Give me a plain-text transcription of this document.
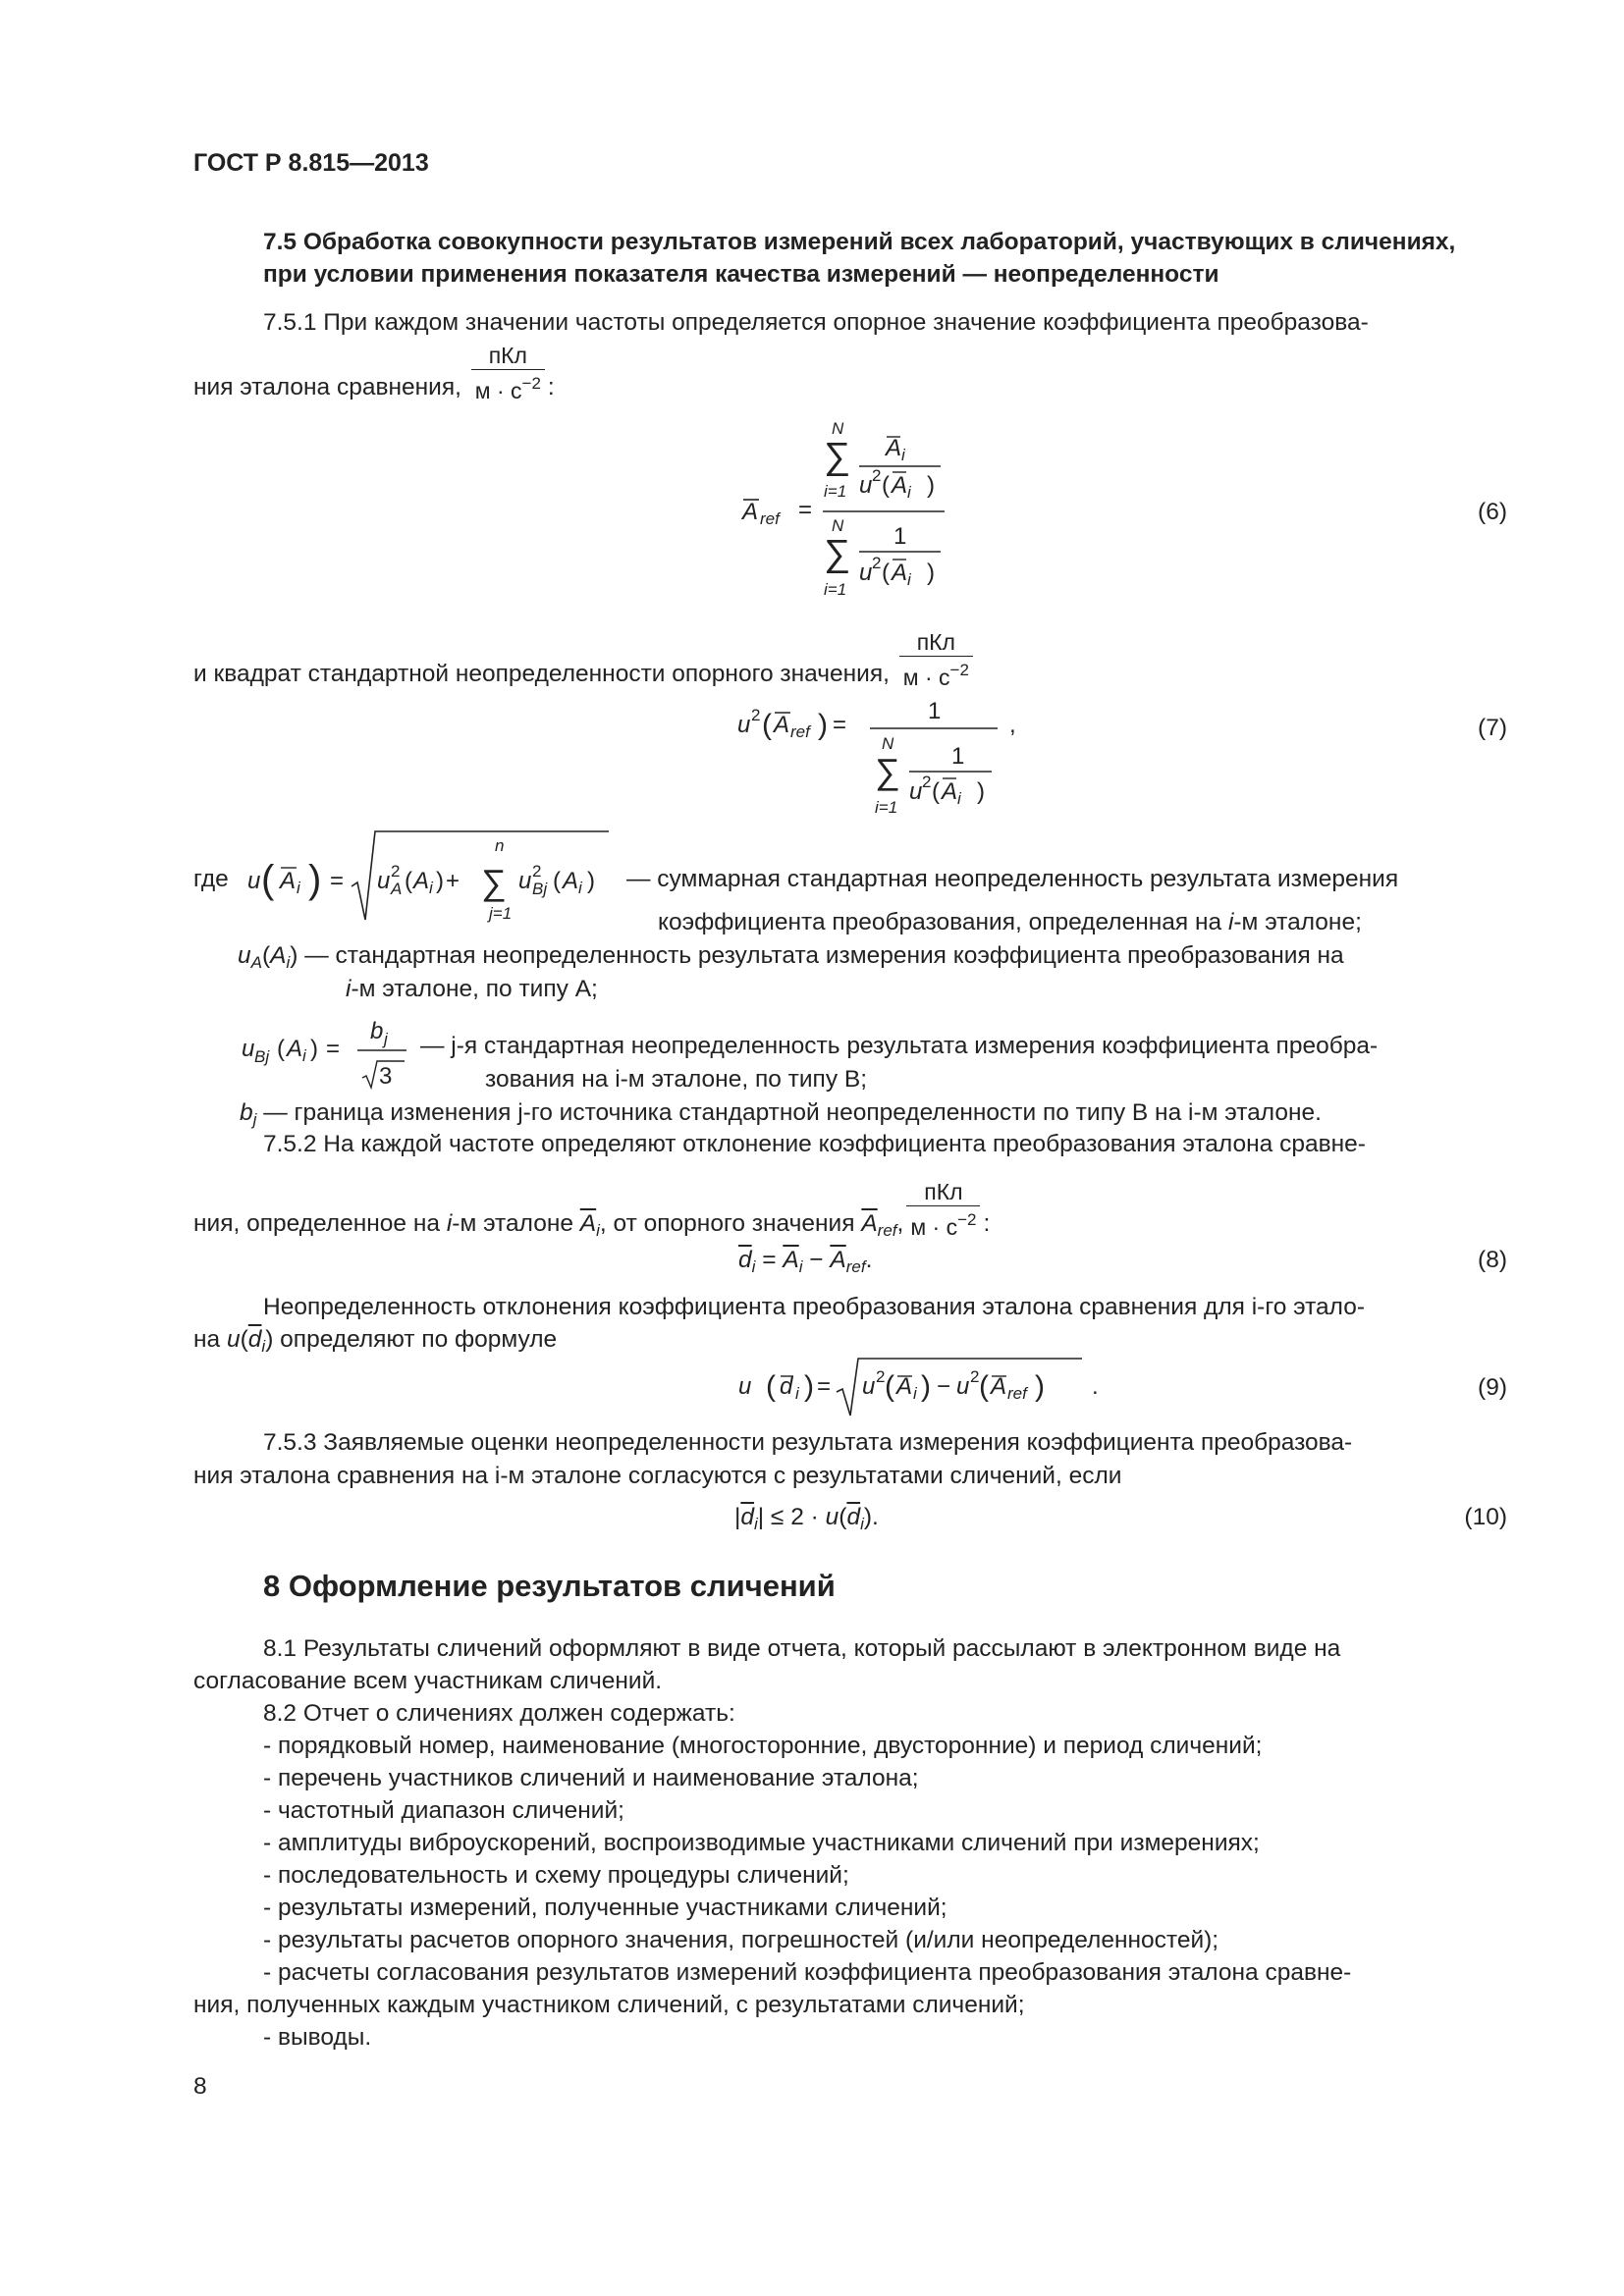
ГОСТ Р 8.815—2013
7.5 Обработка совокупности результатов измерений всех лабораторий, участвующих в сличениях,
при условии применения показателя качества измерений — неопределенности
7.5.1 При каждом значении частоты определяется опорное значение коэффициента преобразова-
ния эталона сравнения, $\frac{\text{пКл}}{м \cdot с^{-2}}$ :
A ref =
N
∑
i=1
A i
u 2 ( A i )
N
∑
i=1
1
u 2 ( A i )
(6)
и квадрат стандартной неопределенности опорного значения, $\frac{\text{пКл}}{м \cdot с^{-2}}$
u 2 ( A ref ) =
1
N
∑
i=1
1
u 2 ( A i )
,	(7)
где u ( A i ) = u 2
A ( A i ) +
n
∑
j=1
u 2
Bj ( A i ) — суммарная стандартная неопределенность результата измерения
коэффициента преобразования, определенная на i-м эталоне;
$u_A(A_i)$ — стандартная неопределенность результата измерения коэффициента преобразования на
i-м эталоне, по типу А;
u Bj ( A i ) =
b j
3
— j-я стандартная неопределенность результата измерения коэффициента преобра-
зования на i-м эталоне, по типу В;
$b_j$ — граница изменения j-го источника стандартной неопределенности по типу В на i-м эталоне.
7.5.2 На каждой частоте определяют отклонение коэффициента преобразования эталона сравне-
ния, определенное на i-м эталоне $\overline{A}_i$, от опорного значения $\overline{A}_{ref}$, $\frac{\text{пКл}}{м \cdot с^{-2}}$ :
$\overline{d}_i = \overline{A}_i - \overline{A}_{ref}$.	(8)
Неопределенность отклонения коэффициента преобразования эталона сравнения для i-го этало-
на $u(\overline{d}_i)$ определяют по формуле
u ( d i ) = u 2 ( A i ) − u 2 ( A ref ) .	(9)
7.5.3 Заявляемые оценки неопределенности результата измерения коэффициента преобразова-
ния эталона сравнения на i-м эталоне согласуются с результатами сличений, если
$|\overline{d}_i| \le 2 \cdot u(\overline{d}_i)$.	(10)
8 Оформление результатов сличений
8.1 Результаты сличений оформляют в виде отчета, который рассылают в электронном виде на
согласование всем участникам сличений.
8.2 Отчет о сличениях должен содержать:
- порядковый номер, наименование (многосторонние, двусторонние) и период сличений;
- перечень участников сличений и наименование эталона;
- частотный диапазон сличений;
- амплитуды виброускорений, воспроизводимые участниками сличений при измерениях;
- последовательность и схему процедуры сличений;
- результаты измерений, полученные участниками сличений;
- результаты расчетов опорного значения, погрешностей (и/или неопределенностей);
- расчеты согласования результатов измерений коэффициента преобразования эталона сравне-
ния, полученных каждым участником сличений, с результатами сличений;
- выводы.
8
